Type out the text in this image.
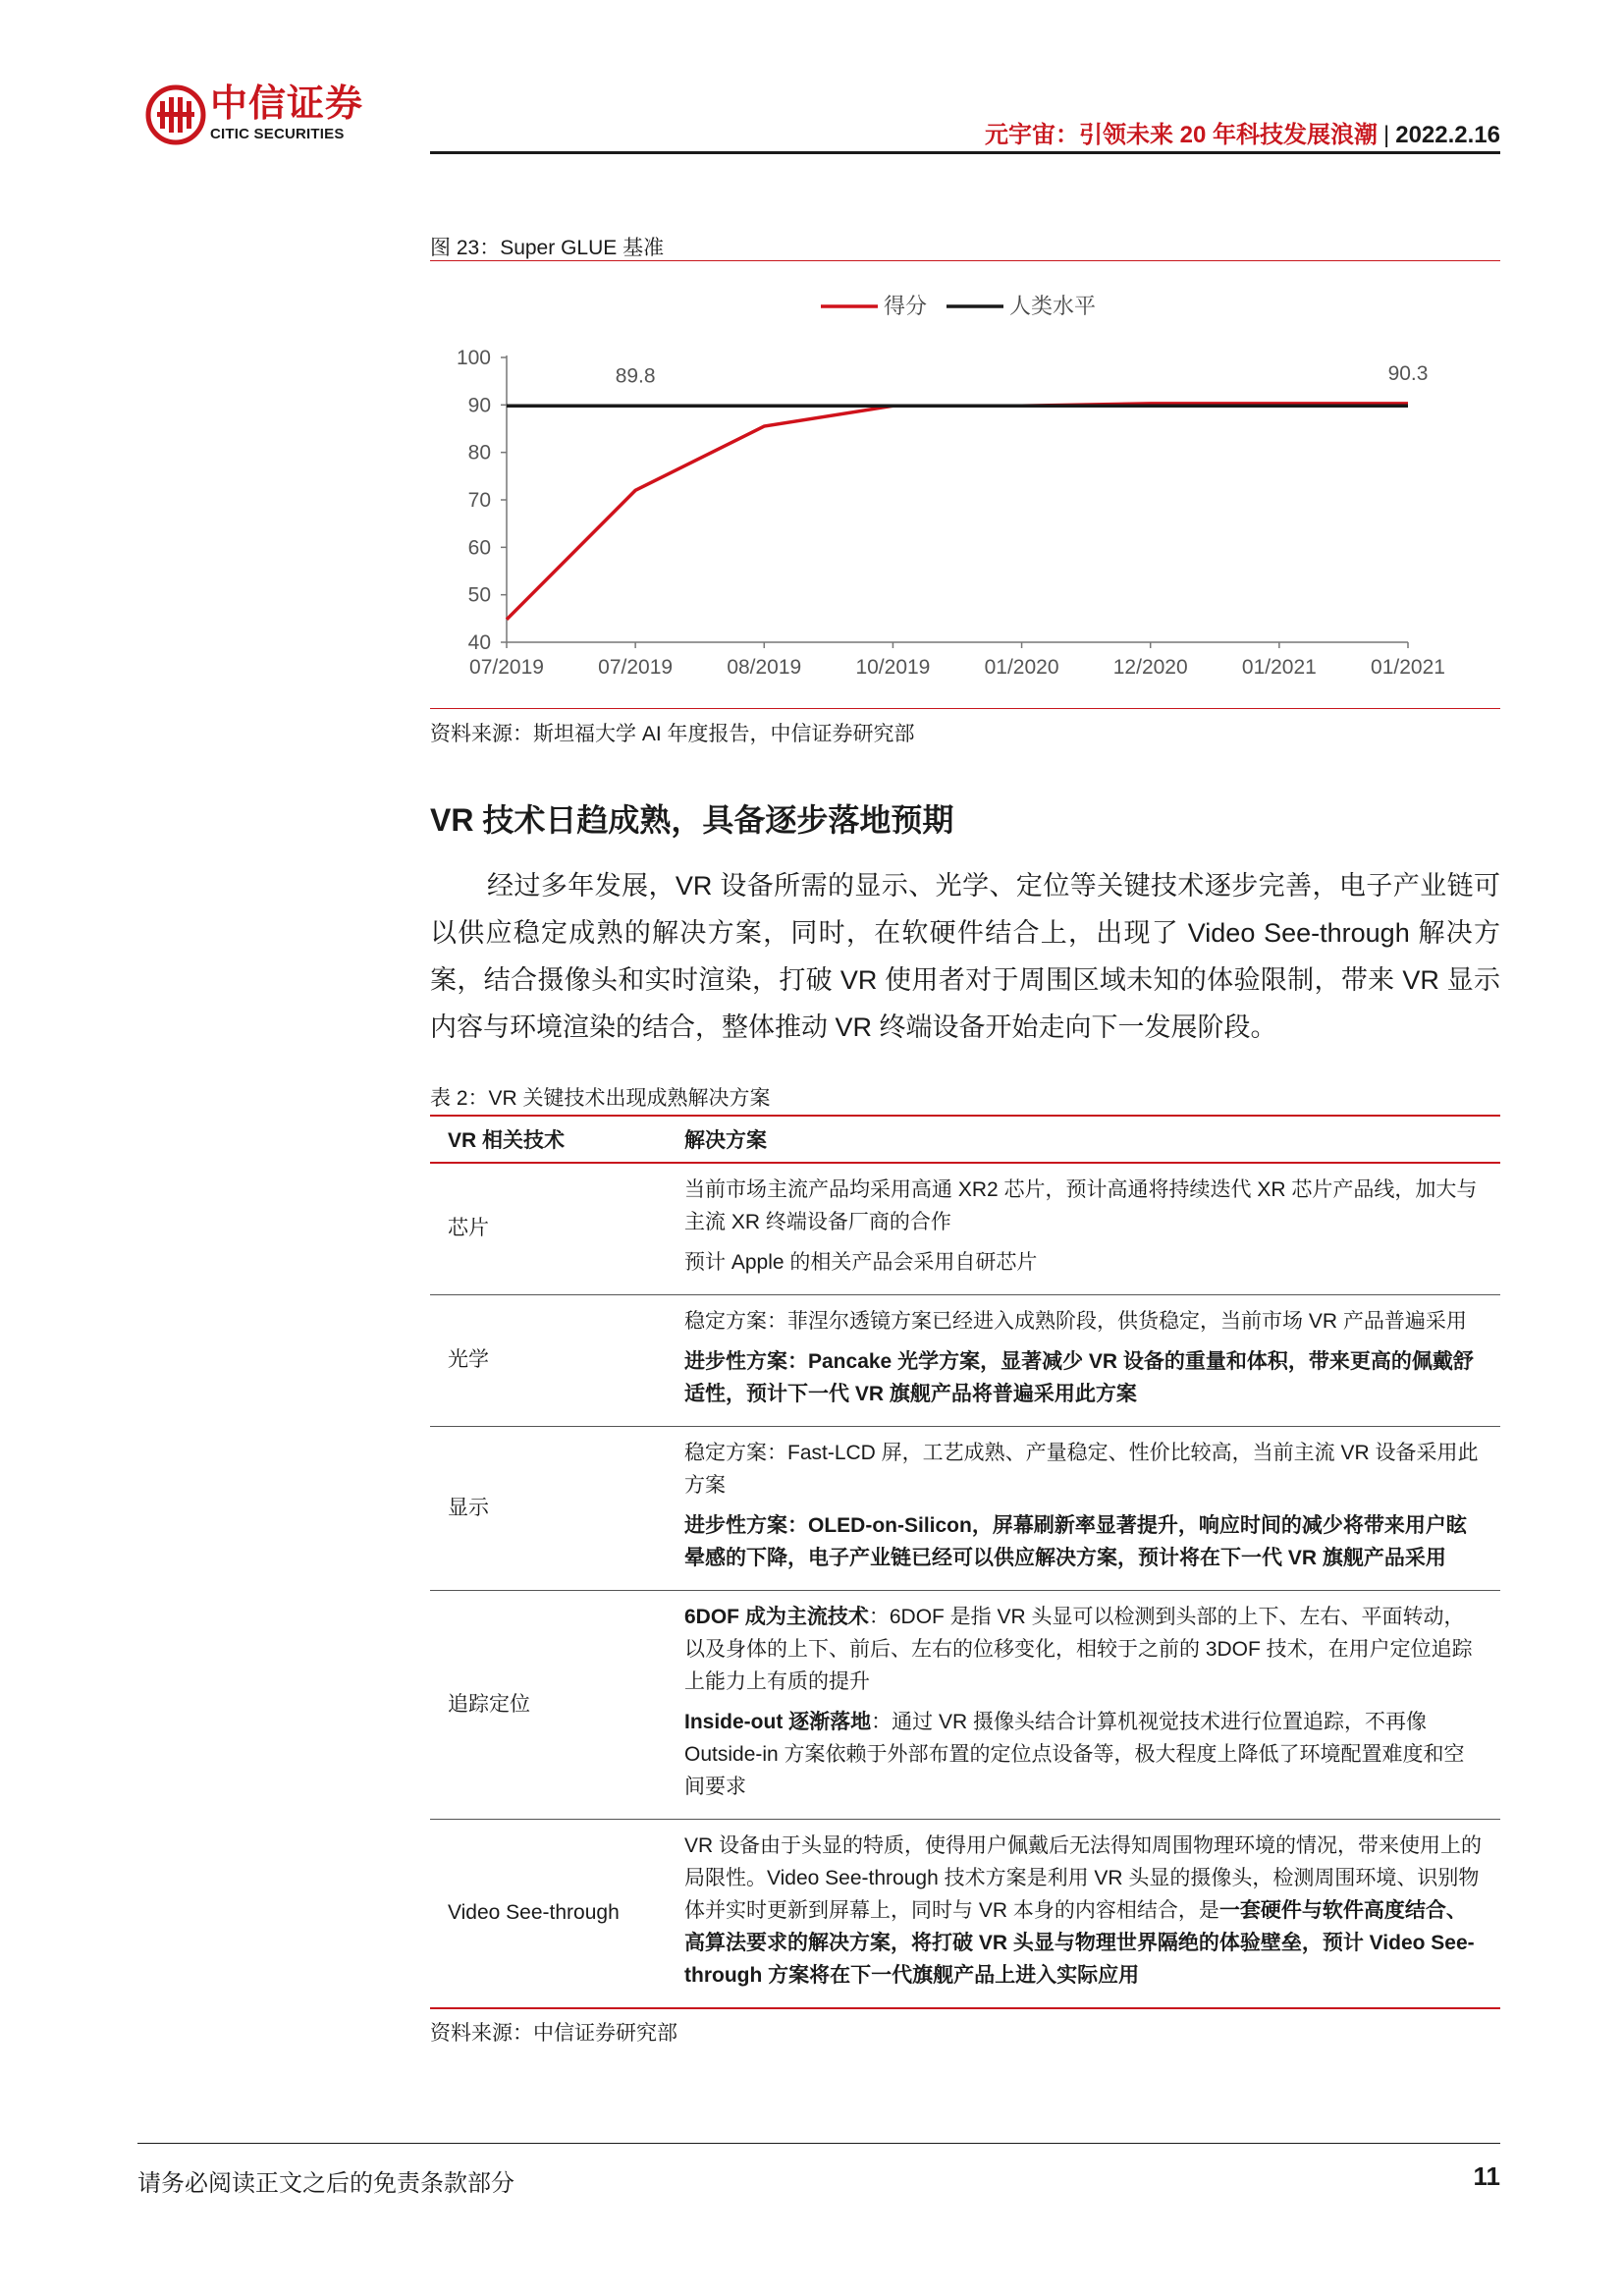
中信证券
CITIC SECURITIES	元宇宙：引领未来 20 年科技发展浪潮 | 2022.2.16
图 23：Super GLUE 基准
40
50
60
70
80
90
100
07/2019	07/2019	08/2019	10/2019	01/2020	12/2020	01/2021	01/2021
89.8	90.3
得分	人类水平
资料来源：斯坦福大学 AI 年度报告，中信证券研究部
VR 技术日趋成熟，具备逐步落地预期
经过多年发展，VR 设备所需的显示、光学、定位等关键技术逐步完善，电子产业链可以供应稳定成熟的解决方案，同时，在软硬件结合上，出现了 Video See-through 解决方案，结合摄像头和实时渲染，打破 VR 使用者对于周围区域未知的体验限制，带来 VR 显示内容与环境渲染的结合，整体推动 VR 终端设备开始走向下一发展阶段。
表 2：VR 关键技术出现成熟解决方案
VR 相关技术	解决方案
芯片	当前市场主流产品均采用高通 XR2 芯片，预计高通将持续迭代 XR 芯片产品线，加大与主流 XR 终端设备厂商的合作

预计 Apple 的相关产品会采用自研芯片

光学	稳定方案：菲涅尔透镜方案已经进入成熟阶段，供货稳定，当前市场 VR 产品普遍采用

进步性方案：Pancake 光学方案，显著减少 VR 设备的重量和体积，带来更高的佩戴舒适性，预计下一代 VR 旗舰产品将普遍采用此方案

显示	稳定方案：Fast-LCD 屏，工艺成熟、产量稳定、性价比较高，当前主流 VR 设备采用此方案

进步性方案：OLED-on-Silicon，屏幕刷新率显著提升，响应时间的减少将带来用户眩晕感的下降，电子产业链已经可以供应解决方案，预计将在下一代 VR 旗舰产品采用

追踪定位	6DOF 成为主流技术：6DOF 是指 VR 头显可以检测到头部的上下、左右、平面转动，以及身体的上下、前后、左右的位移变化，相较于之前的 3DOF 技术，在用户定位追踪上能力上有质的提升

Inside-out 逐渐落地：通过 VR 摄像头结合计算机视觉技术进行位置追踪，不再像 Outside-in 方案依赖于外部布置的定位点设备等，极大程度上降低了环境配置难度和空间要求

Video See-through	VR 设备由于头显的特质，使得用户佩戴后无法得知周围物理环境的情况，带来使用上的局限性。Video See-through 技术方案是利用 VR 头显的摄像头，检测周围环境、识别物体并实时更新到屏幕上，同时与 VR 本身的内容相结合，是一套硬件与软件高度结合、高算法要求的解决方案，将打破 VR 头显与物理世界隔绝的体验壁垒，预计 Video See-through 方案将在下一代旗舰产品上进入实际应用

资料来源：中信证券研究部
请务必阅读正文之后的免责条款部分	11
